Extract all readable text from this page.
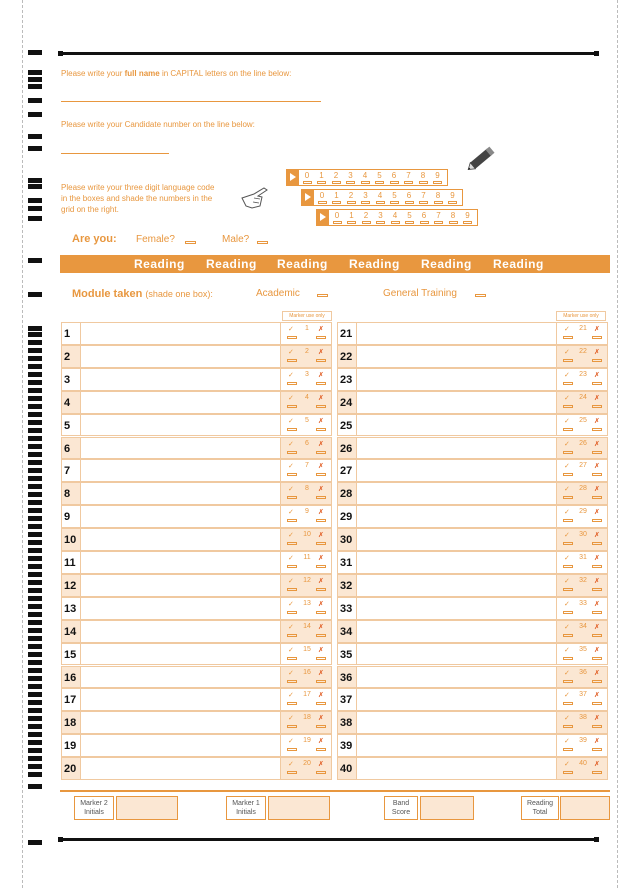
Please write your full name in CAPITAL letters on the line below:
Please write your Candidate number on the line below:
Please write your three digit language code
in the boxes and shade the numbers in the
grid on the right.
0	1	2	3	4	5	6	7	8	9
0	1	2	3	4	5	6	7	8	9
0	1	2	3	4	5	6	7	8	9
Are you: Female?	Male?
Reading Reading Reading Reading Reading Reading
Module taken (shade one box):	Academic	General Training
Marker use only	Marker use only
1	✓	1	✗
2	✓	2	✗
3	✓	3	✗
4	✓	4	✗
5	✓	5	✗
6	✓	6	✗
7	✓	7	✗
8	✓	8	✗
9	✓	9	✗
10	✓	10	✗
11	✓	11	✗
12	✓	12	✗
13	✓	13	✗
14	✓	14	✗
15	✓	15	✗
16	✓	16	✗
17	✓	17	✗
18	✓	18	✗
19	✓	19	✗
20	✓	20	✗
21	✓	21	✗
22	✓	22	✗
23	✓	23	✗
24	✓	24	✗
25	✓	25	✗
26	✓	26	✗
27	✓	27	✗
28	✓	28	✗
29	✓	29	✗
30	✓	30	✗
31	✓	31	✗
32	✓	32	✗
33	✓	33	✗
34	✓	34	✗
35	✓	35	✗
36	✓	36	✗
37	✓	37	✗
38	✓	38	✗
39	✓	39	✗
40	✓	40	✗
Marker 2
Initials
Marker 1
Initials
Band
Score
Reading
Total
